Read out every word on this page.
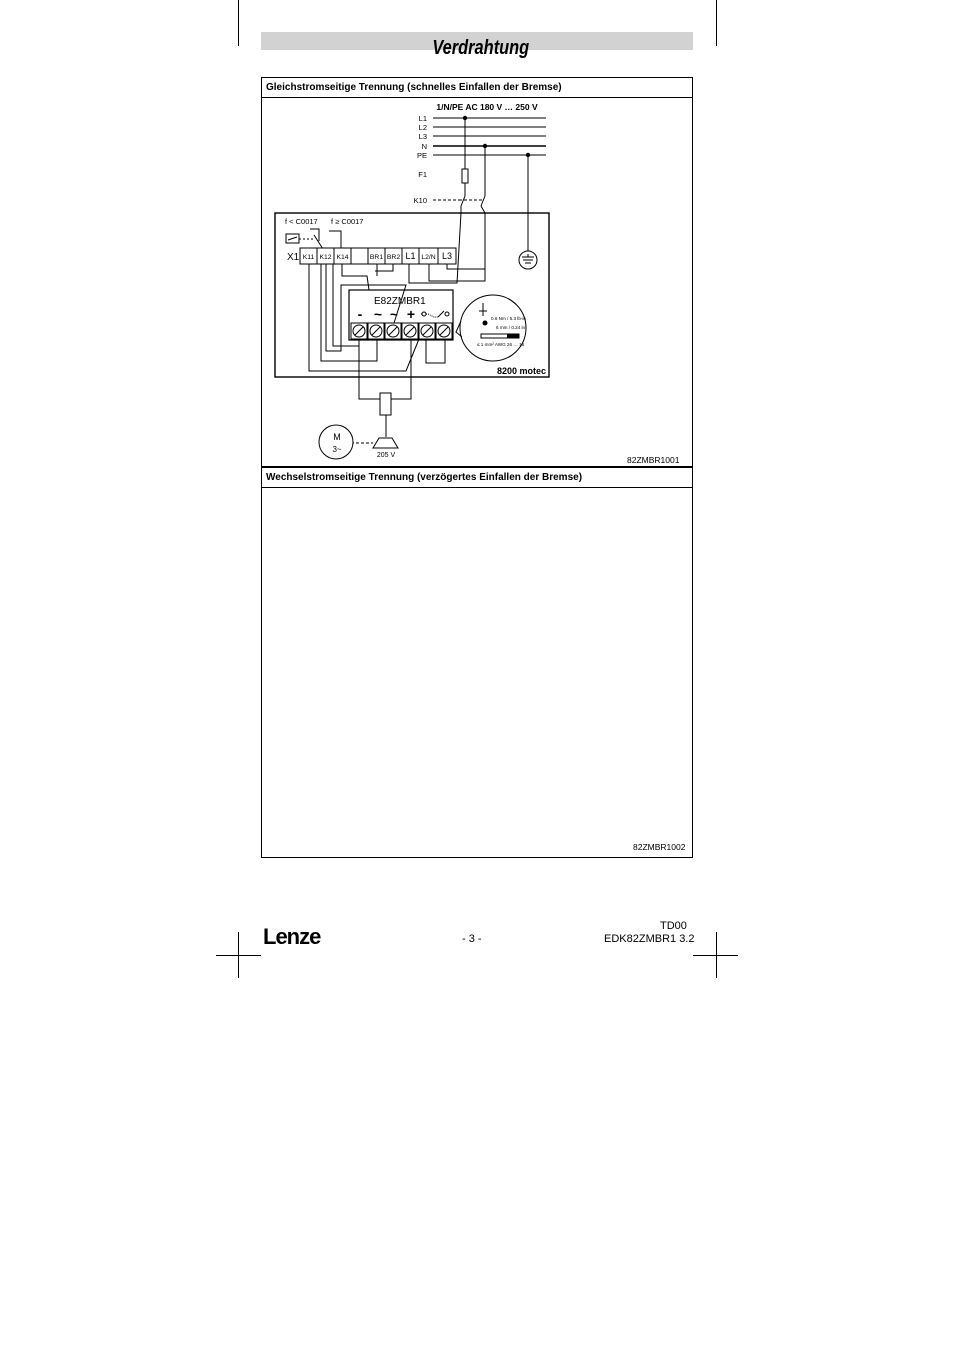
Verdrahtung
Gleichstromseitige Trennung (schnelles Einfallen der Bremse)
82ZMBR1001
1/N/PE AC 180 V … 250 V
L1
L2
L3
N
PE
F1
K10
8200 motec
f < C0017 f ≥ C0017
X1 K11 K12 K14	BR1 BR2 L1 L2/N L3
E82ZMBR1
- ~ ~ +	0.6 Nm / 5.3 lb-in
6 mm / 0.24 in
≤ 1 mm² AWG 26 … 16
M
3~
205 V
Wechselstromseitige Trennung (verzögertes Einfallen der Bremse)
82ZMBR1002
Lenze	- 3 -
TD00
EDK82ZMBR1 3.2
